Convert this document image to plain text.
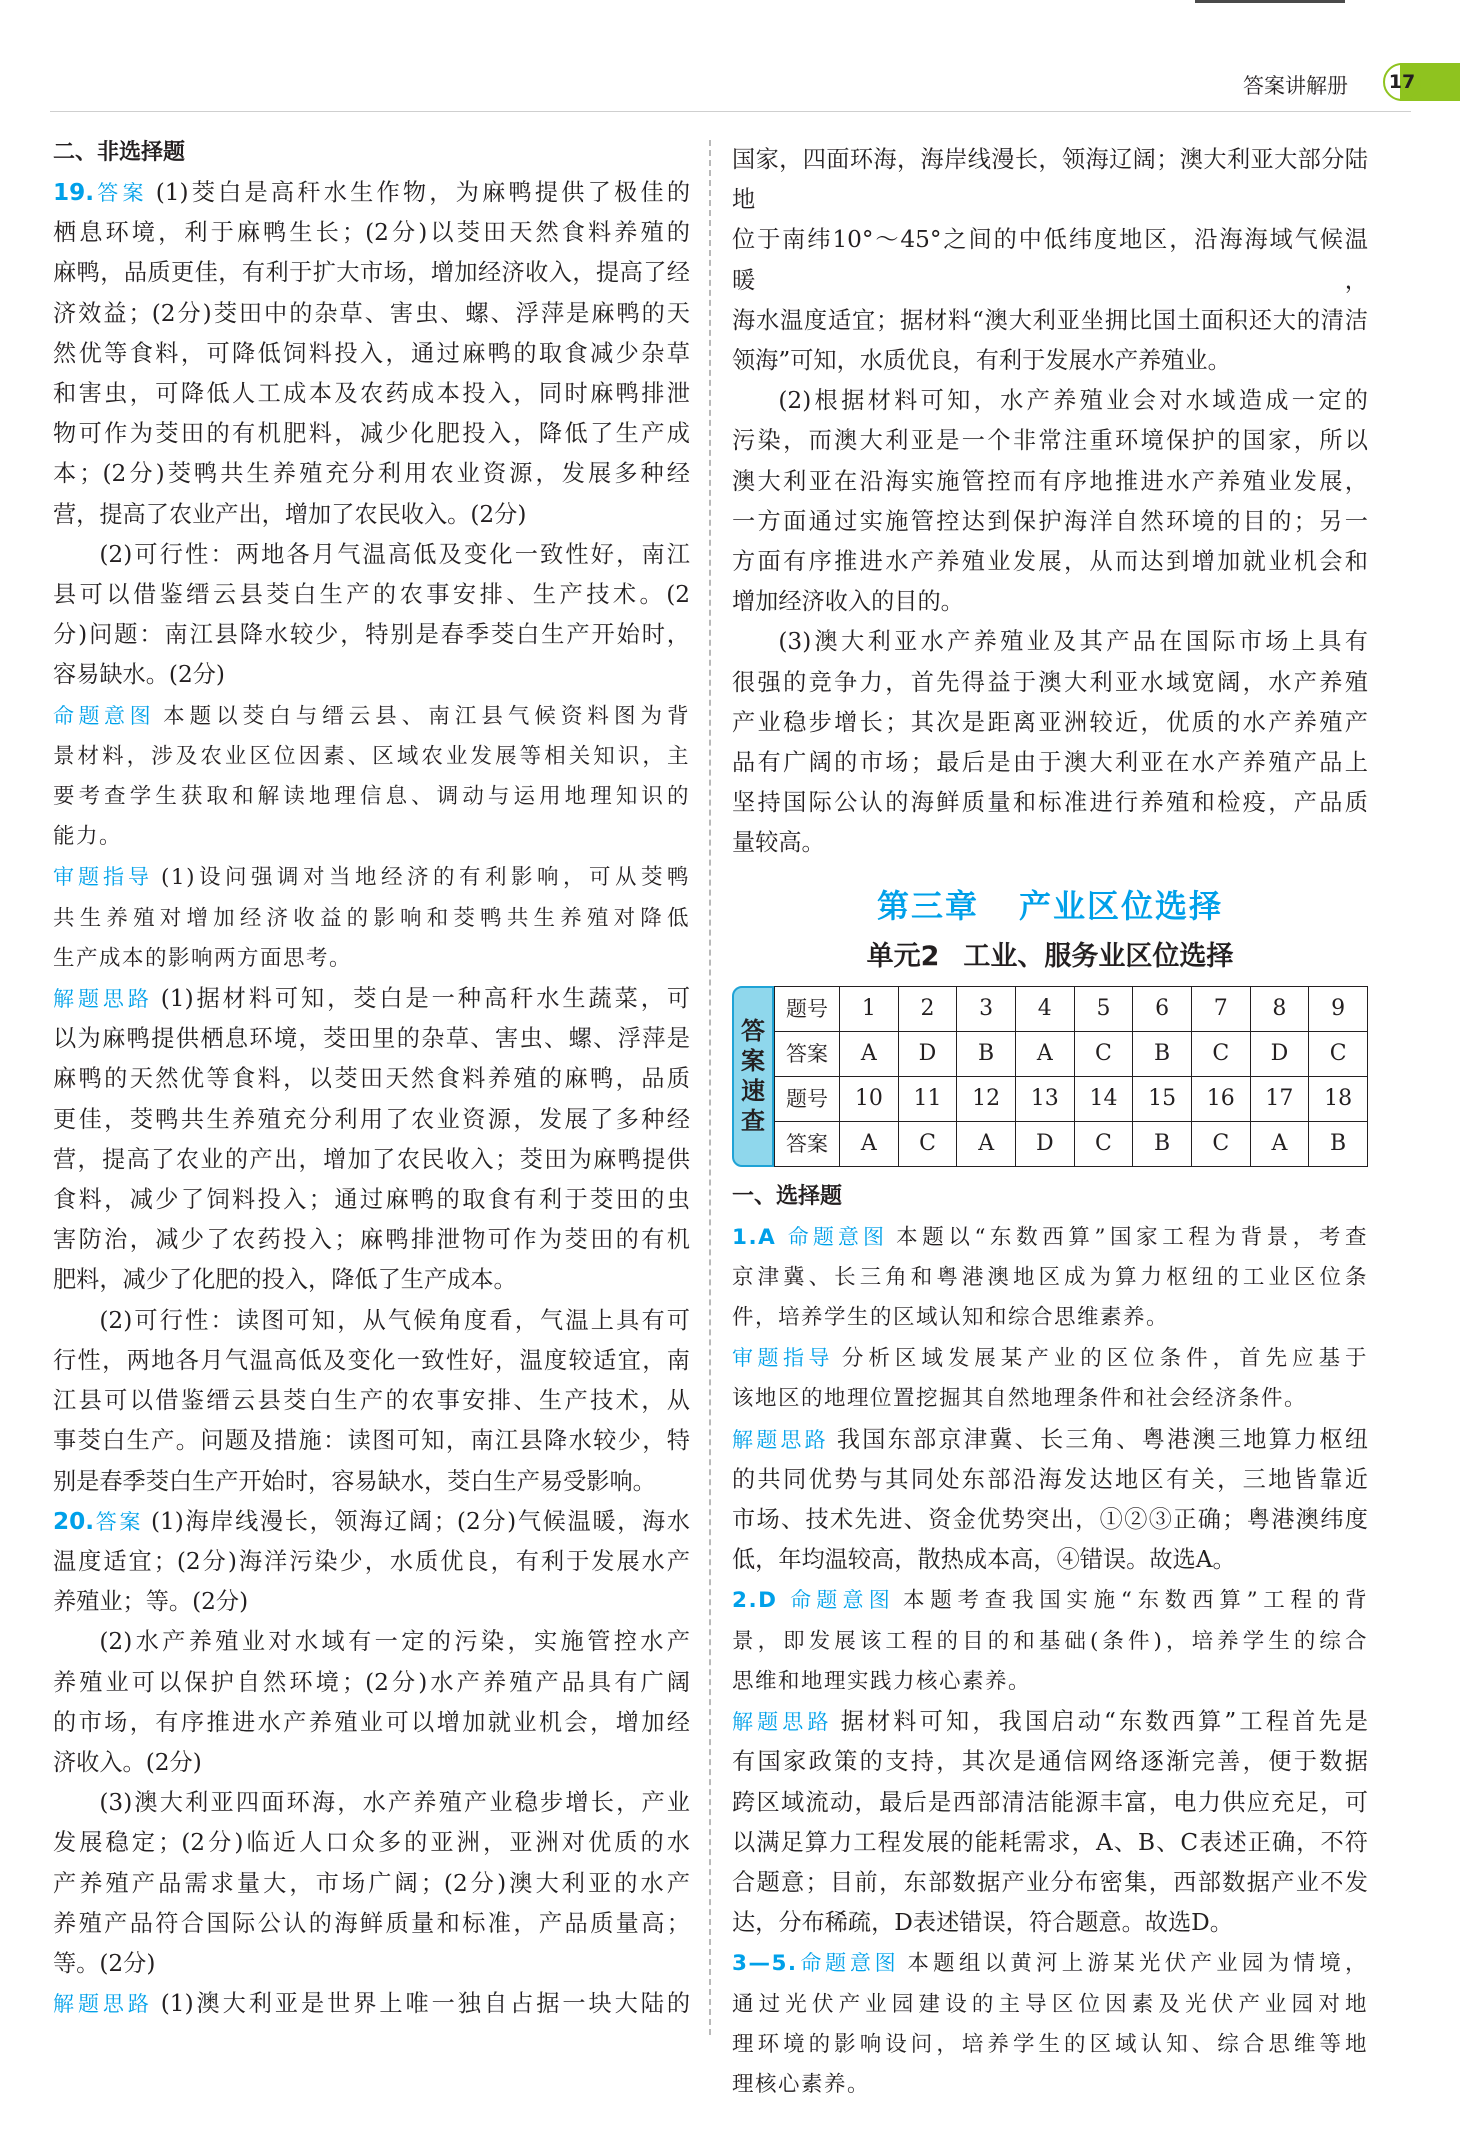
答案讲解册	17
二、非选择题

19.答案 (1)茭白是高秆水生作物，为麻鸭提供了极佳的

栖息环境，利于麻鸭生长；(2分)以茭田天然食料养殖的

麻鸭，品质更佳，有利于扩大市场，增加经济收入，提高了经

济效益；(2分)茭田中的杂草、害虫、螺、浮萍是麻鸭的天

然优等食料，可降低饲料投入，通过麻鸭的取食减少杂草

和害虫，可降低人工成本及农药成本投入，同时麻鸭排泄

物可作为茭田的有机肥料，减少化肥投入，降低了生产成

本；(2分)茭鸭共生养殖充分利用农业资源，发展多种经

营，提高了农业产出，增加了农民收入。(2分)

(2)可行性：两地各月气温高低及变化一致性好，南江

县可以借鉴缙云县茭白生产的农事安排、生产技术。(2

分)问题：南江县降水较少，特别是春季茭白生产开始时，

容易缺水。(2分)

命题意图 本题以茭白与缙云县、南江县气候资料图为背

景材料，涉及农业区位因素、区域农业发展等相关知识，主

要考查学生获取和解读地理信息、调动与运用地理知识的

能力。

审题指导 (1)设问强调对当地经济的有利影响，可从茭鸭

共生养殖对增加经济收益的影响和茭鸭共生养殖对降低

生产成本的影响两方面思考。

解题思路 (1)据材料可知，茭白是一种高秆水生蔬菜，可

以为麻鸭提供栖息环境，茭田里的杂草、害虫、螺、浮萍是

麻鸭的天然优等食料，以茭田天然食料养殖的麻鸭，品质

更佳，茭鸭共生养殖充分利用了农业资源，发展了多种经

营，提高了农业的产出，增加了农民收入；茭田为麻鸭提供

食料，减少了饲料投入；通过麻鸭的取食有利于茭田的虫

害防治，减少了农药投入；麻鸭排泄物可作为茭田的有机

肥料，减少了化肥的投入，降低了生产成本。

(2)可行性：读图可知，从气候角度看，气温上具有可

行性，两地各月气温高低及变化一致性好，温度较适宜，南

江县可以借鉴缙云县茭白生产的农事安排、生产技术，从

事茭白生产。问题及措施：读图可知，南江县降水较少，特

别是春季茭白生产开始时，容易缺水，茭白生产易受影响。

20.答案 (1)海岸线漫长，领海辽阔；(2分)气候温暖，海水

温度适宜；(2分)海洋污染少，水质优良，有利于发展水产

养殖业；等。(2分)

(2)水产养殖业对水域有一定的污染，实施管控水产

养殖业可以保护自然环境；(2分)水产养殖产品具有广阔

的市场，有序推进水产养殖业可以增加就业机会，增加经

济收入。(2分)

(3)澳大利亚四面环海，水产养殖产业稳步增长，产业

发展稳定；(2分)临近人口众多的亚洲，亚洲对优质的水

产养殖产品需求量大，市场广阔；(2分)澳大利亚的水产

养殖产品符合国际公认的海鲜质量和标准，产品质量高；

等。(2分)

解题思路 (1)澳大利亚是世界上唯一独自占据一块大陆的

国家，四面环海，海岸线漫长，领海辽阔；澳大利亚大部分陆地

位于南纬10°～45°之间的中低纬度地区，沿海海域气候温暖，

海水温度适宜；据材料“澳大利亚坐拥比国土面积还大的清洁

领海”可知，水质优良，有利于发展水产养殖业。

(2)根据材料可知，水产养殖业会对水域造成一定的

污染，而澳大利亚是一个非常注重环境保护的国家，所以

澳大利亚在沿海实施管控而有序地推进水产养殖业发展，

一方面通过实施管控达到保护海洋自然环境的目的；另一

方面有序推进水产养殖业发展，从而达到增加就业机会和

增加经济收入的目的。

(3)澳大利亚水产养殖业及其产品在国际市场上具有

很强的竞争力，首先得益于澳大利亚水域宽阔，水产养殖

产业稳步增长；其次是距离亚洲较近，优质的水产养殖产

品有广阔的市场；最后是由于澳大利亚在水产养殖产品上

坚持国际公认的海鲜质量和标准进行养殖和检疫，产品质

量较高。

第三章 产业区位选择
单元2 工业、服务业区位选择
答
案
速
查
题号	1	2	3	4	5	6	7	8	9
答案	A	D	B	A	C	B	C	D	C
题号	10	11	12	13	14	15	16	17	18
答案	A	C	A	D	C	B	C	A	B
一、选择题

1.A 命题意图 本题以“东数西算”国家工程为背景，考查

京津冀、长三角和粤港澳地区成为算力枢纽的工业区位条

件，培养学生的区域认知和综合思维素养。

审题指导 分析区域发展某产业的区位条件，首先应基于

该地区的地理位置挖掘其自然地理条件和社会经济条件。

解题思路 我国东部京津冀、长三角、粤港澳三地算力枢纽

的共同优势与其同处东部沿海发达地区有关，三地皆靠近

市场、技术先进、资金优势突出，①②③正确；粤港澳纬度

低，年均温较高，散热成本高，④错误。故选A。

2.D 命题意图 本题考查我国实施“东数西算”工程的背

景，即发展该工程的目的和基础(条件)，培养学生的综合

思维和地理实践力核心素养。

解题思路 据材料可知，我国启动“东数西算”工程首先是

有国家政策的支持，其次是通信网络逐渐完善，便于数据

跨区域流动，最后是西部清洁能源丰富，电力供应充足，可

以满足算力工程发展的能耗需求，A、B、C表述正确，不符

合题意；目前，东部数据产业分布密集，西部数据产业不发

达，分布稀疏，D表述错误，符合题意。故选D。

3—5.命题意图 本题组以黄河上游某光伏产业园为情境，

通过光伏产业园建设的主导区位因素及光伏产业园对地

理环境的影响设问，培养学生的区域认知、综合思维等地

理核心素养。
